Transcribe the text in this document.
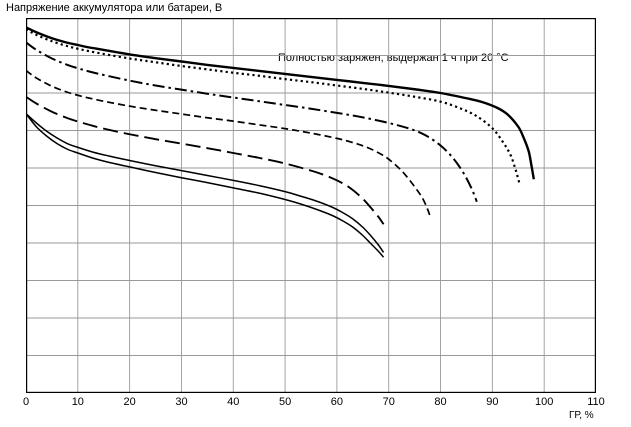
Напряжение аккумулятора или батареи, В
Полностью заряжен, выдержан 1 ч при 20 °C
0	10	20	30	40	50	60	70	80	90	100	110
ГР, %
